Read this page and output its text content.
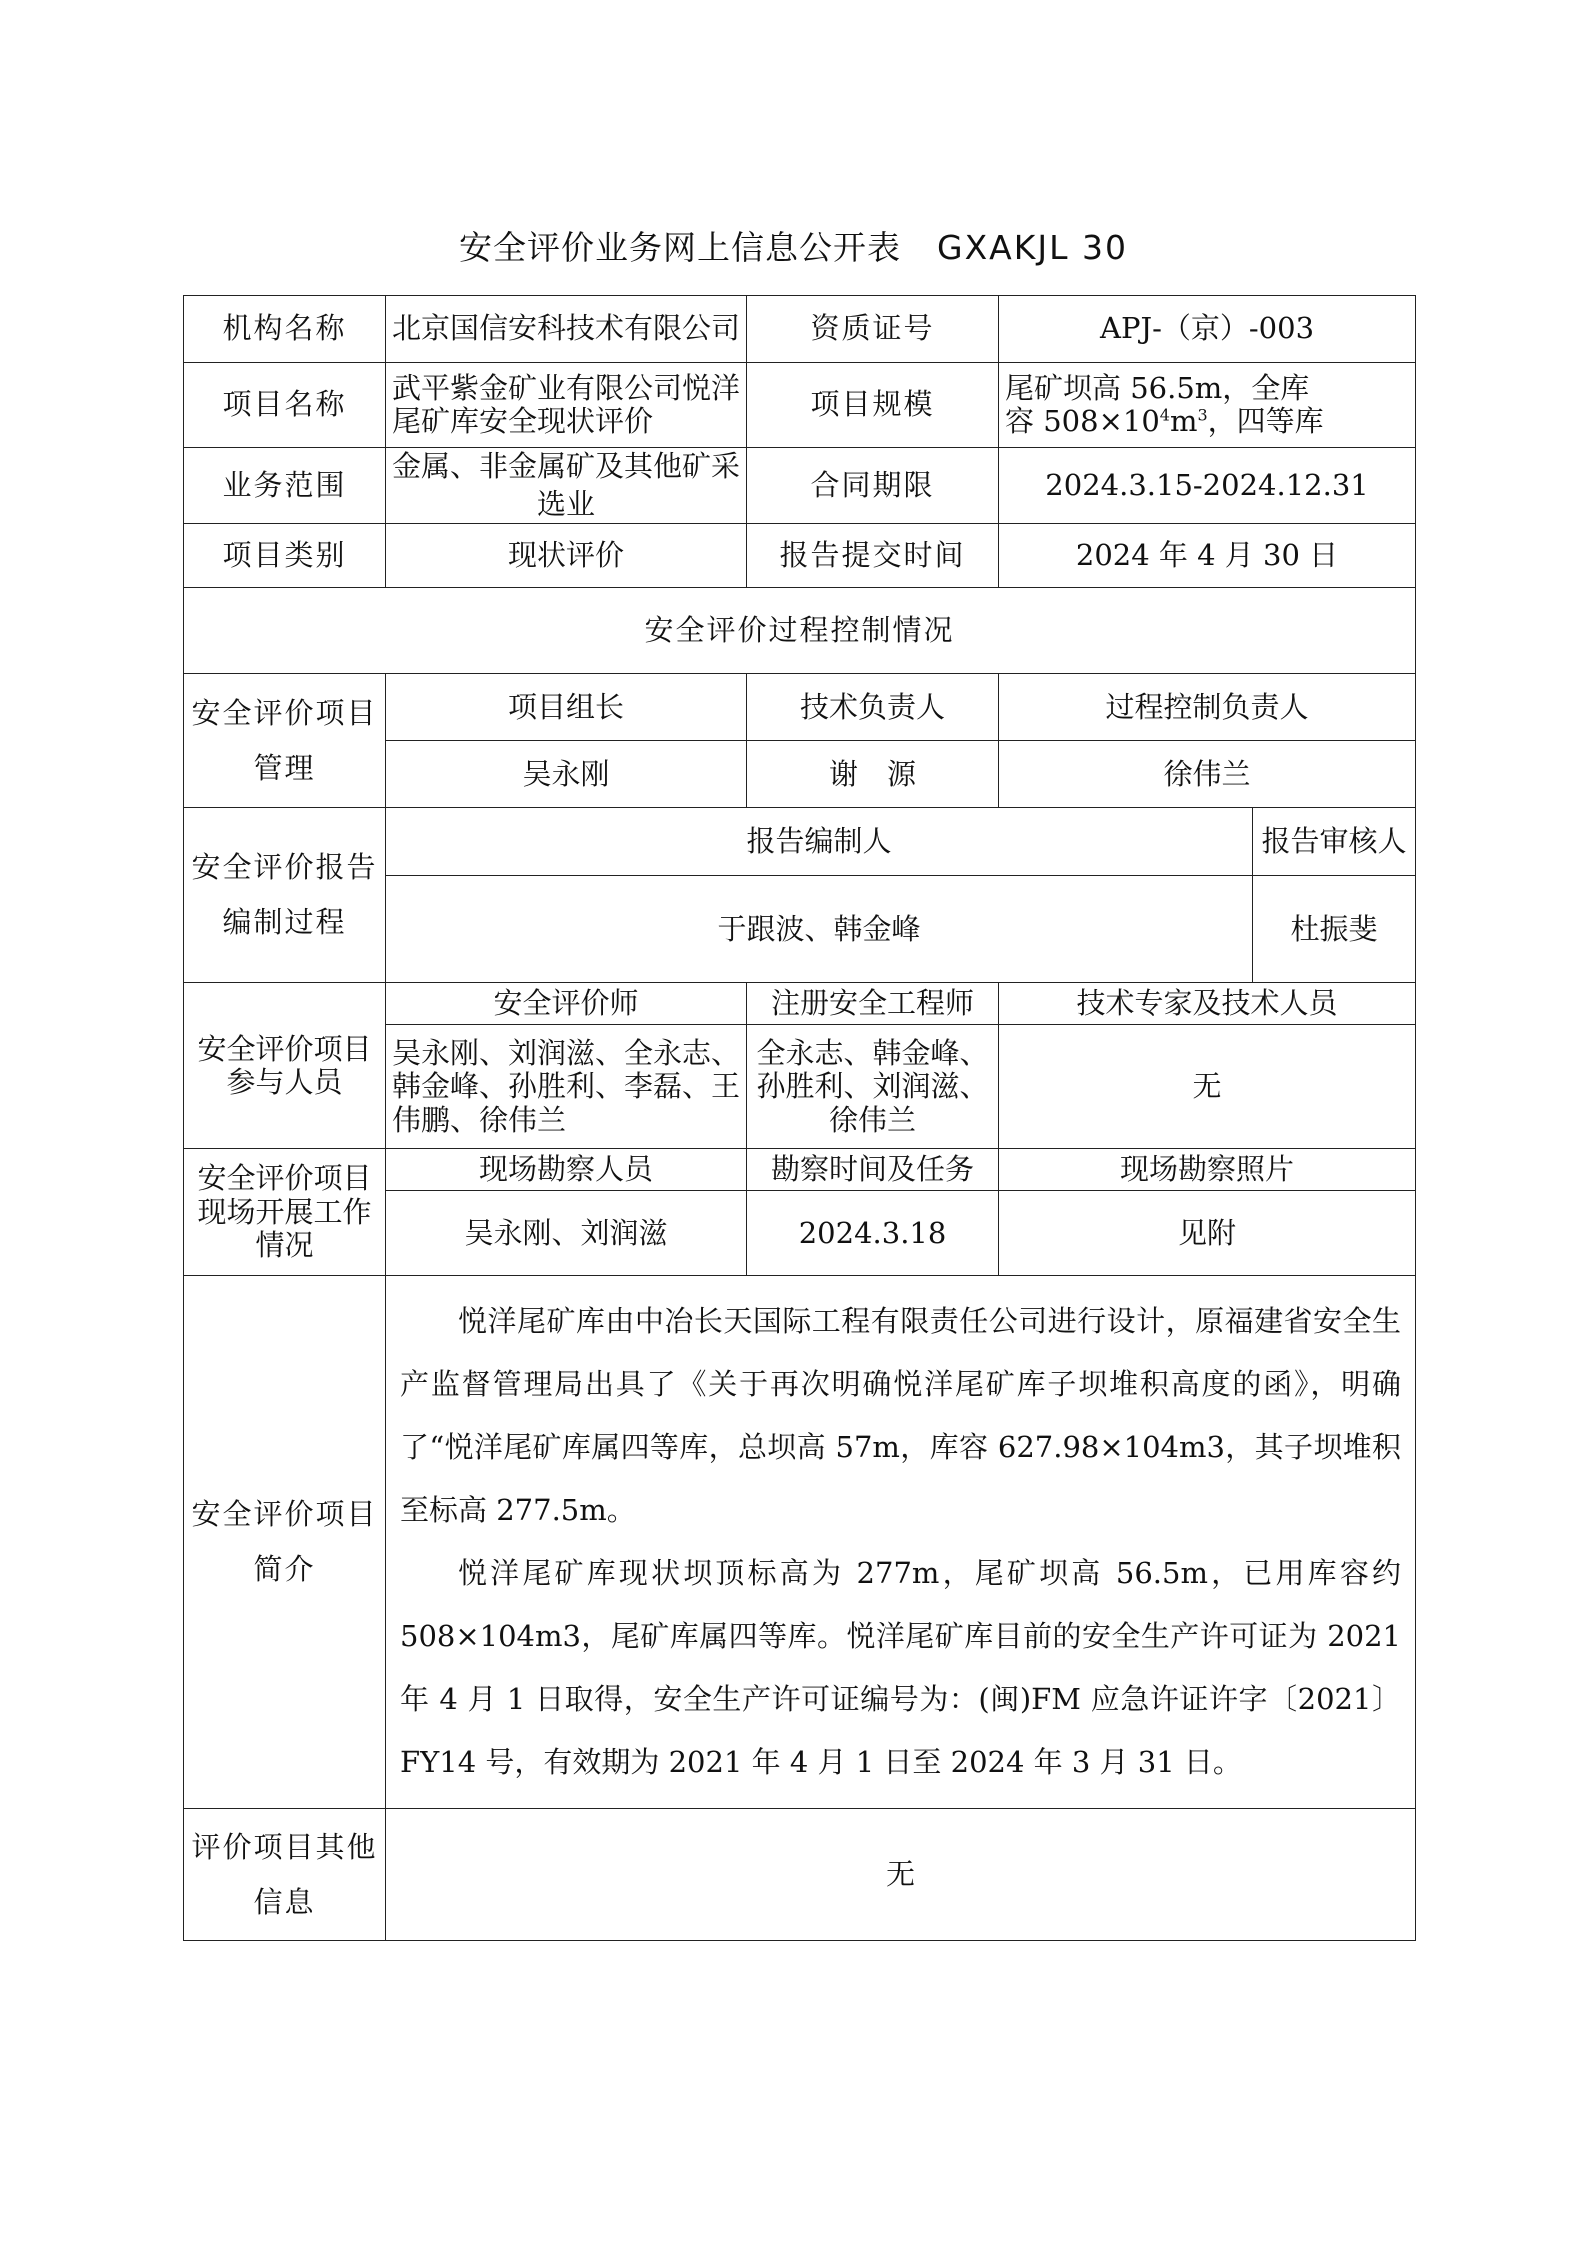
安全评价业务网上信息公开表 GXAKJL 30
机构名称	北京国信安科技术有限公司	资质证号	APJ-（京）-003	
项目名称	武平紫金矿业有限公司悦洋尾矿库安全现状评价	项目规模	尾矿坝高 56.5m，全库
容 $508\times 10^4m^3$，四等库	
业务范围	金属、非金属矿及其他矿采选业	合同期限	2024.3.15-2024.12.31	
项目类别	现状评价	报告提交时间	2024 年 4 月 30 日	
安全评价过程控制情况				
安全评价项目管理	项目组长	技术负责人	过程控制负责人	
	吴永刚	谢　源	徐伟兰	
安全评价报告编制过程	报告编制人			报告审核人
	于跟波、韩金峰			杜振斐
安全评价项目参与人员	安全评价师	注册安全工程师	技术专家及技术人员	
	吴永刚、刘润滋、全永志、韩金峰、孙胜利、李磊、王伟鹏、徐伟兰	全永志、韩金峰、孙胜利、刘润滋、徐伟兰	无	
安全评价项目现场开展工作情况	现场勘察人员	勘察时间及任务	现场勘察照片	
	吴永刚、刘润滋	2024.3.18	见附	
安全评价项目简介	悦洋尾矿库由中冶长天国际工程有限责任公司进行设计，原福建省安全生产监督管理局出具了《关于再次明确悦洋尾矿库子坝堆积高度的函》，明确了“悦洋尾矿库属四等库，总坝高 57m，库容 627.98×104m3，其子坝堆积至标高 277.5m。

悦洋尾矿库现状坝顶标高为 277m，尾矿坝高 56.5m，已用库容约 508×104m3，尾矿库属四等库。悦洋尾矿库目前的安全生产许可证为 2021 年 4 月 1 日取得，安全生产许可证编号为：(闽)FM 应急许证许字〔2021〕FY14 号，有效期为 2021 年 4 月 1 日至 2024 年 3 月 31 日。			

评价项目其他信息	无			
